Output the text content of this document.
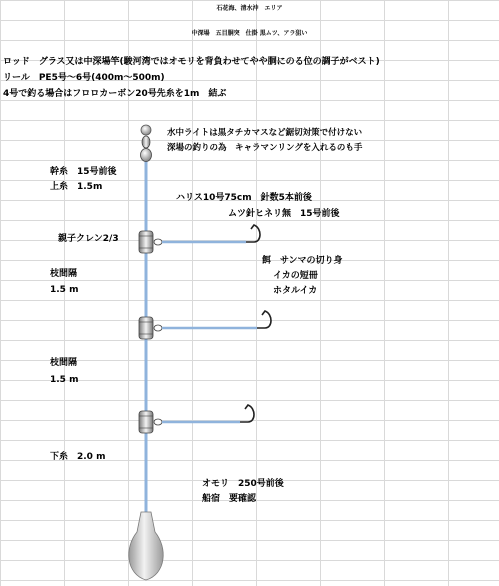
石花海、清水沖　エリア
中深場　五目胴突　仕掛 黒ムツ、アラ狙い
ロッド　グラス又は中深場竿(駿河湾ではオモリを背負わせてやや胴にのる位の調子がベスト)
リール　PE5号～6号(400m～500m)
4号で釣る場合はフロロカーボン20号先糸を1m　結ぶ
水中ライトは黒タチカマスなど鋸切対策で付けない
深場の釣りの為　キャラマンリングを入れるのも手
幹糸　15号前後
上糸　1.5m
ハリス10号75cm　針数5本前後
ムツ針ヒネリ無　15号前後
親子クレン2/3
餌　サンマの切り身
イカの短冊
ホタルイカ
枝間隔
1.5 m
枝間隔
1.5 m
下糸　2.0 m
オモリ　250号前後
船宿　要確認
